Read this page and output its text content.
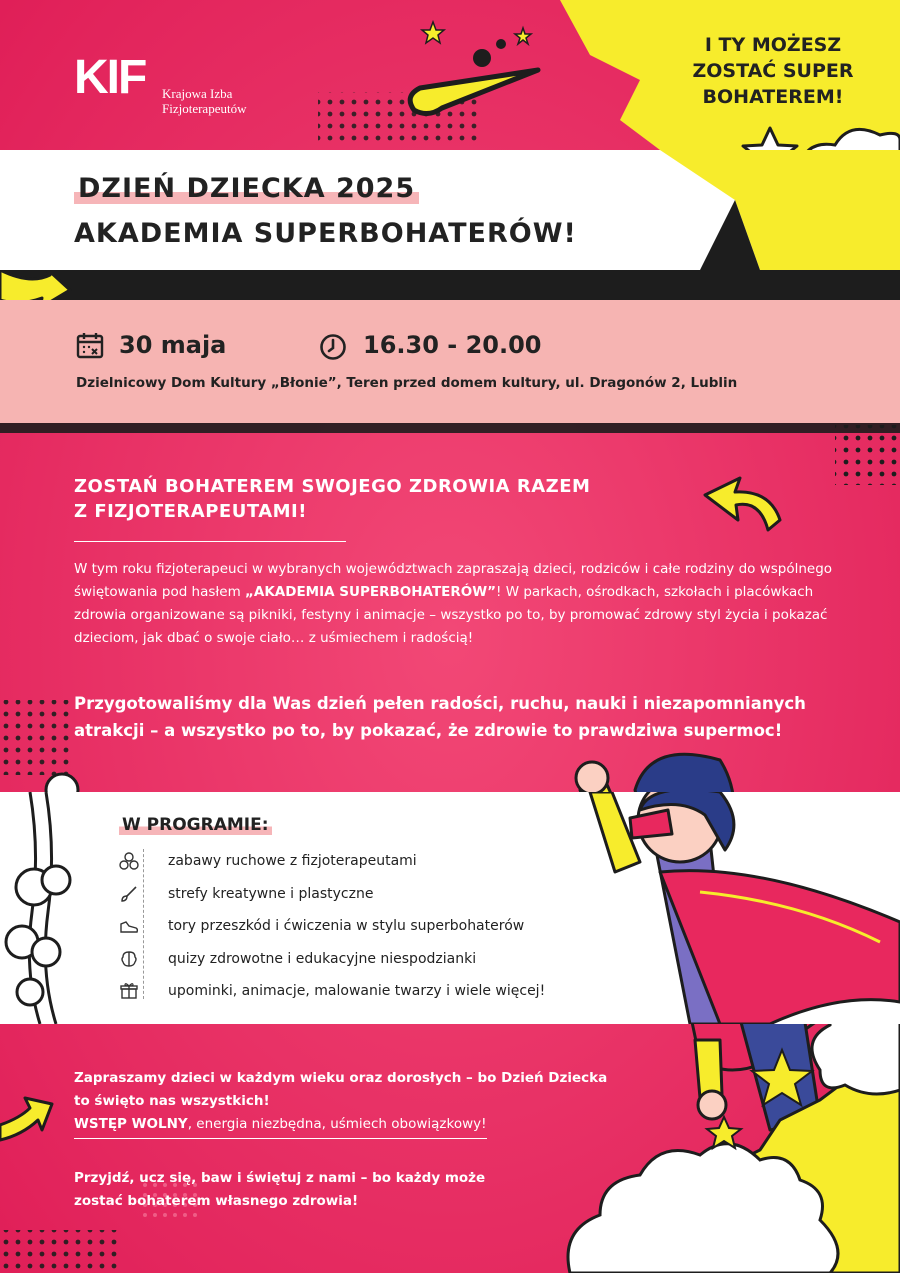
KIF Krajowa Izba
Fizjoterapeutów
I TY MOŻESZ
ZOSTAĆ SUPER
BOHATEREM!
DZIEŃ DZIECKA 2025
AKADEMIA SUPERBOHATERÓW!
30 maja	16.30 - 20.00
Dzielnicowy Dom Kultury „Błonie”, Teren przed domem kultury, ul. Dragonów 2, Lublin
ZOSTAŃ BOHATEREM SWOJEGO ZDROWIA RAZEM
Z FIZJOTERAPEUTAMI!
W tym roku fizjoterapeuci w wybranych województwach zapraszają dzieci, rodziców i całe rodziny do wspólnego świętowania pod hasłem „AKADEMIA SUPERBOHATERÓW”! W parkach, ośrodkach, szkołach i placówkach zdrowia organizowane są pikniki, festyny i animacje – wszystko po to, by promować zdrowy styl życia i pokazać dzieciom, jak dbać o swoje ciało… z uśmiechem i radością!
Przygotowaliśmy dla Was dzień pełen radości, ruchu, nauki i niezapomnianych atrakcji – a wszystko po to, by pokazać, że zdrowie to prawdziwa supermoc!
W PROGRAMIE:
zabawy ruchowe z fizjoterapeutami
strefy kreatywne i plastyczne
tory przeszkód i ćwiczenia w stylu superbohaterów
quizy zdrowotne i edukacyjne niespodzianki
upominki, animacje, malowanie twarzy i wiele więcej!
Zapraszamy dzieci w każdym wieku oraz dorosłych – bo Dzień Dziecka
to święto nas wszystkich!
WSTĘP WOLNY, energia niezbędna, uśmiech obowiązkowy!
Przyjdź, ucz się, baw i świętuj z nami – bo każdy może
zostać bohaterem własnego zdrowia!
